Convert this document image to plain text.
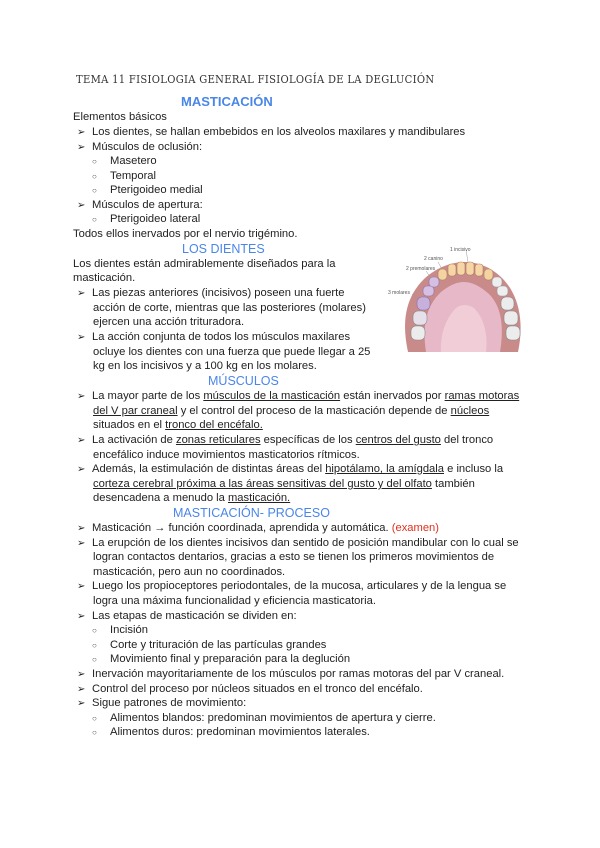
TEMA 11 FISIOLOGIA GENERAL FISIOLOGÍA DE LA DEGLUCIÓN
MASTICACIÓN
Elementos básicos
➢ Los dientes, se hallan embebidos en los alveolos maxilares y mandibulares
➢ Músculos de oclusión:
○ Masetero
○ Temporal
○ Pterigoideo medial
➢ Músculos de apertura:
○ Pterigoideo lateral
Todos ellos inervados por el nervio trigémino.
LOS DIENTES
Los dientes están admirablemente diseñados para la
masticación.
➢ Las piezas anteriores (incisivos) poseen una fuerte
acción de corte, mientras que las posteriores (molares)
ejercen una acción trituradora.
➢ La acción conjunta de todos los músculos maxilares
ocluye los dientes con una fuerza que puede llegar a 25
kg en los incisivos y a 100 kg en los molares.
1 incisivo
2 canino
2 premolares
3 molares
MÚSCULOS
➢ La mayor parte de los músculos de la masticación están inervados por ramas motoras
del V par craneal y el control del proceso de la masticación depende de núcleos
situados en el tronco del encéfalo.
➢ La activación de zonas reticulares específicas de los centros del gusto del tronco
encefálico induce movimientos masticatorios rítmicos.
➢ Además, la estimulación de distintas áreas del hipotálamo, la amígdala e incluso la
corteza cerebral próxima a las áreas sensitivas del gusto y del olfato también
desencadena a menudo la masticación.
MASTICACIÓN- PROCESO
➢ Masticación → función coordinada, aprendida y automática. (examen)
➢ La erupción de los dientes incisivos dan sentido de posición mandibular con lo cual se
logran contactos dentarios, gracias a esto se tienen los primeros movimientos de
masticación, pero aun no coordinados.
➢ Luego los propioceptores periodontales, de la mucosa, articulares y de la lengua se
logra una máxima funcionalidad y eficiencia masticatoria.
➢ Las etapas de masticación se dividen en:
○ Incisión
○ Corte y trituración de las partículas grandes
○ Movimiento final y preparación para la deglución
➢ Inervación mayoritariamente de los músculos por ramas motoras del par V craneal.
➢ Control del proceso por núcleos situados en el tronco del encéfalo.
➢ Sigue patrones de movimiento:
○ Alimentos blandos: predominan movimientos de apertura y cierre.
○ Alimentos duros: predominan movimientos laterales.
